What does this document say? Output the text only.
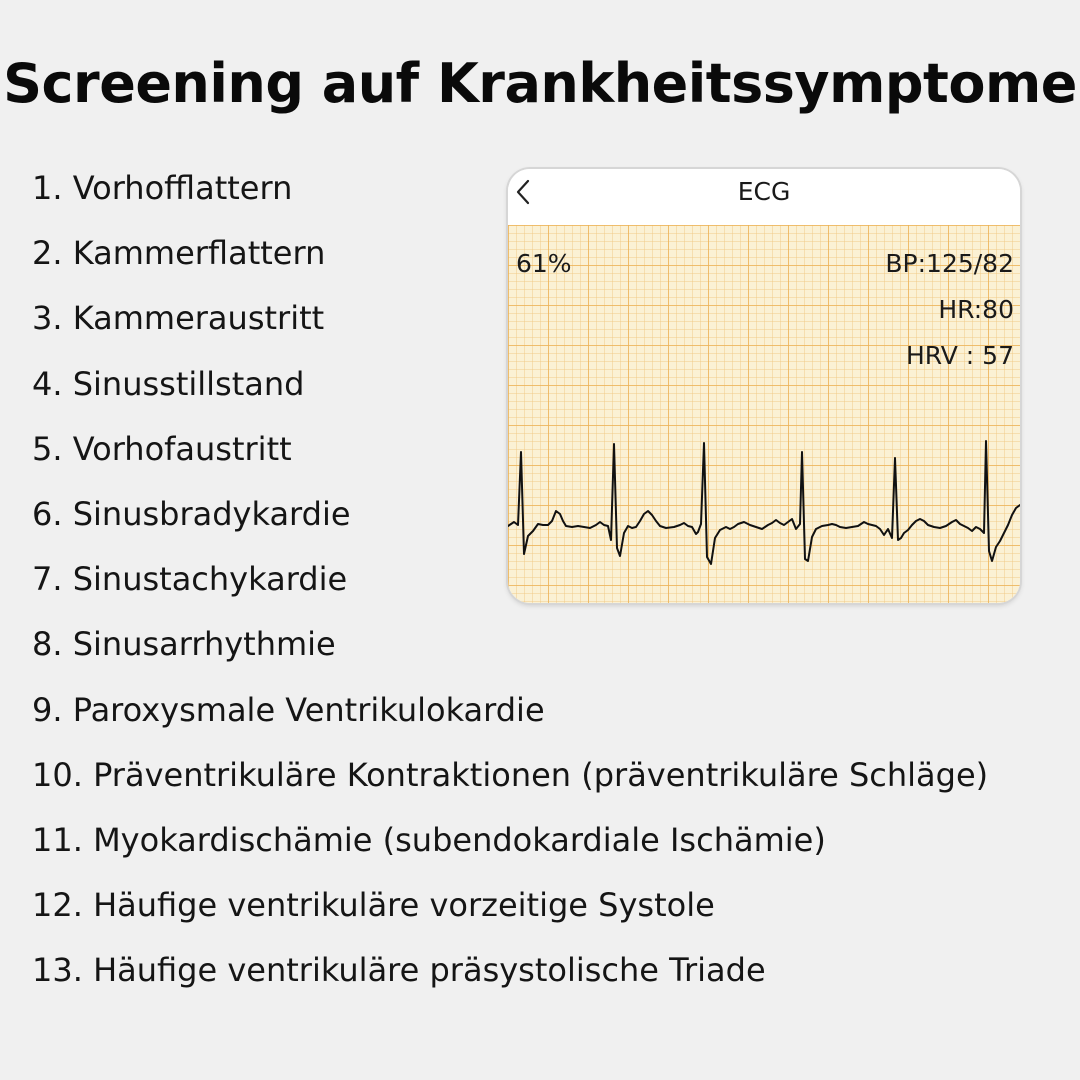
Screening auf Krankheitssymptome
1. Vorhofflattern
2. Kammerflattern
3. Kammeraustritt
4. Sinusstillstand
5. Vorhofaustritt
6. Sinusbradykardie
7. Sinustachykardie
8. Sinusarrhythmie
9. Paroxysmale Ventrikulokardie
10. Präventrikuläre Kontraktionen (präventrikuläre Schläge)
11. Myokardischämie (subendokardiale Ischämie)
12. Häufige ventrikuläre vorzeitige Systole
13. Häufige ventrikuläre präsystolische Triade
ECG
61%	BP:125/82
HR:80
HRV : 57
